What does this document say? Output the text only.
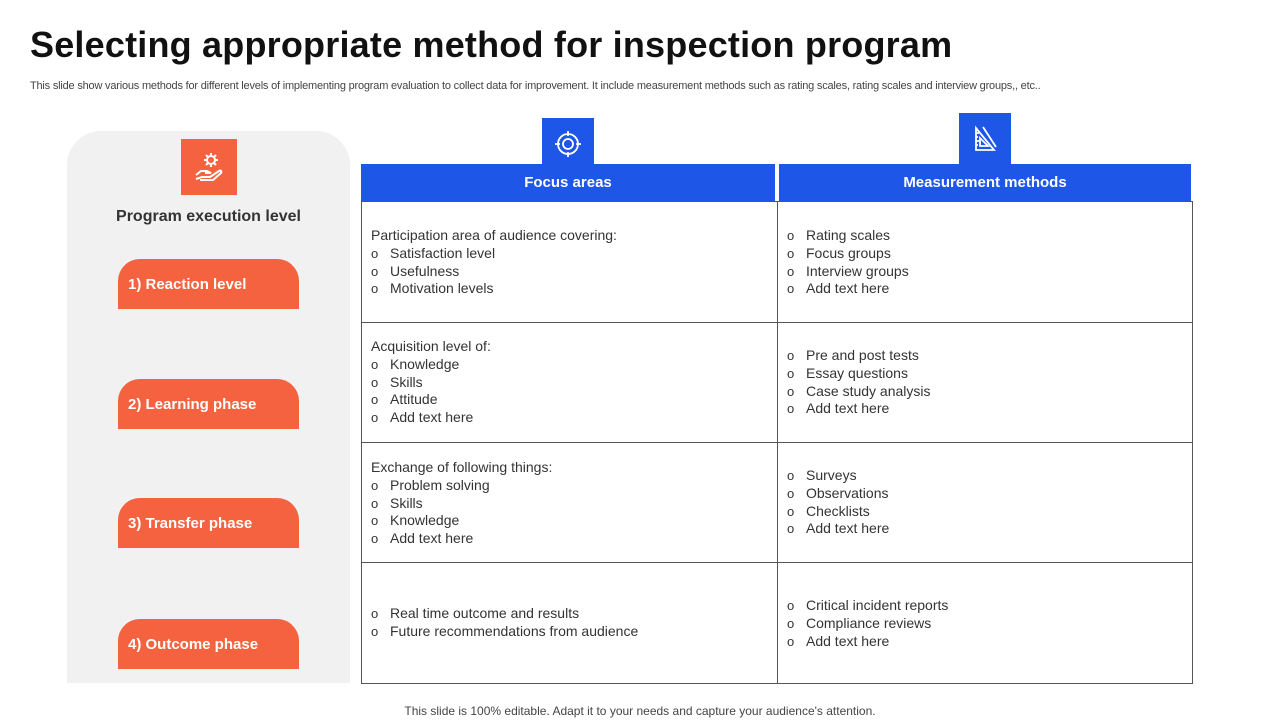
Selecting appropriate method for inspection program
This slide show various methods for different levels of implementing program evaluation to collect data for improvement. It include measurement methods such as rating scales, rating scales and interview groups,, etc..
Program execution level
1) Reaction level
2) Learning phase
3) Transfer phase
4) Outcome phase
Focus areas	Measurement methods
Participation area of audience covering:
o Satisfaction level
o Usefulness
o Motivation levels
o Rating scales
o Focus groups
o Interview groups
o Add text here
Acquisition level of:
o Knowledge
o Skills
o Attitude
o Add text here
o Pre and post tests
o Essay questions
o Case study analysis
o Add text here
Exchange of following things:
o Problem solving
o Skills
o Knowledge
o Add text here
o Surveys
o Observations
o Checklists
o Add text here
o Real time outcome and results
o Future recommendations from audience
o Critical incident reports
o Compliance reviews
o Add text here
This slide is 100% editable. Adapt it to your needs and capture your audience's attention.
